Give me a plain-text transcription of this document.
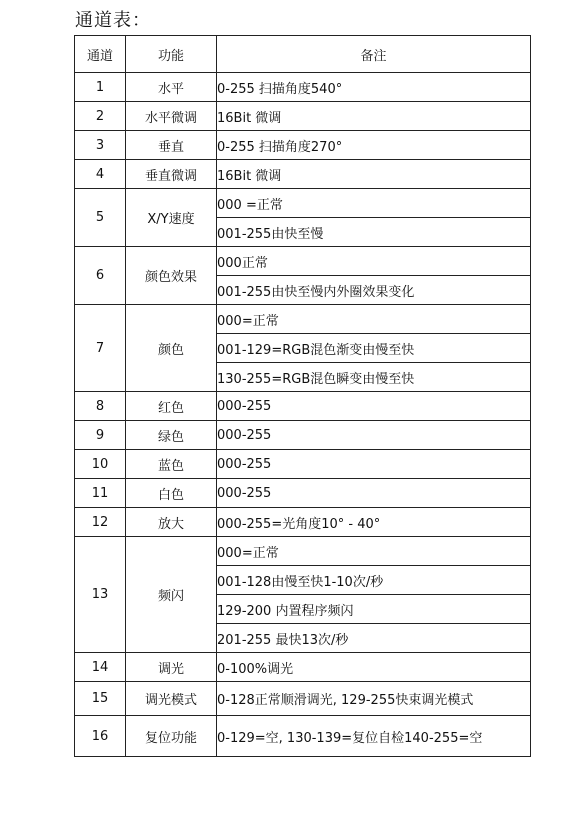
通道表：
通道	功能	备注
1	水平	0-255 扫描角度540°
2	水平微调	16Bit 微调
3	垂直	0-255 扫描角度270°
4	垂直微调	16Bit 微调
5	X/Y速度	000 =正常
		001-255由快至慢
6	颜色效果	000正常
		001-255由快至慢内外圈效果变化
7	颜色	000=正常
		001-129=RGB混色渐变由慢至快
		130-255=RGB混色瞬变由慢至快
8	红色	000-255
9	绿色	000-255
10	蓝色	000-255
11	白色	000-255
12	放大	000-255=光角度10° - 40°
13	频闪	000=正常
		001-128由慢至快1-10次/秒
		129-200 内置程序频闪
		201-255 最快13次/秒
14	调光	0-100%调光
15	调光模式	0-128正常顺滑调光, 129-255快束调光模式
16	复位功能	0-129=空, 130-139=复位自检140-255=空
